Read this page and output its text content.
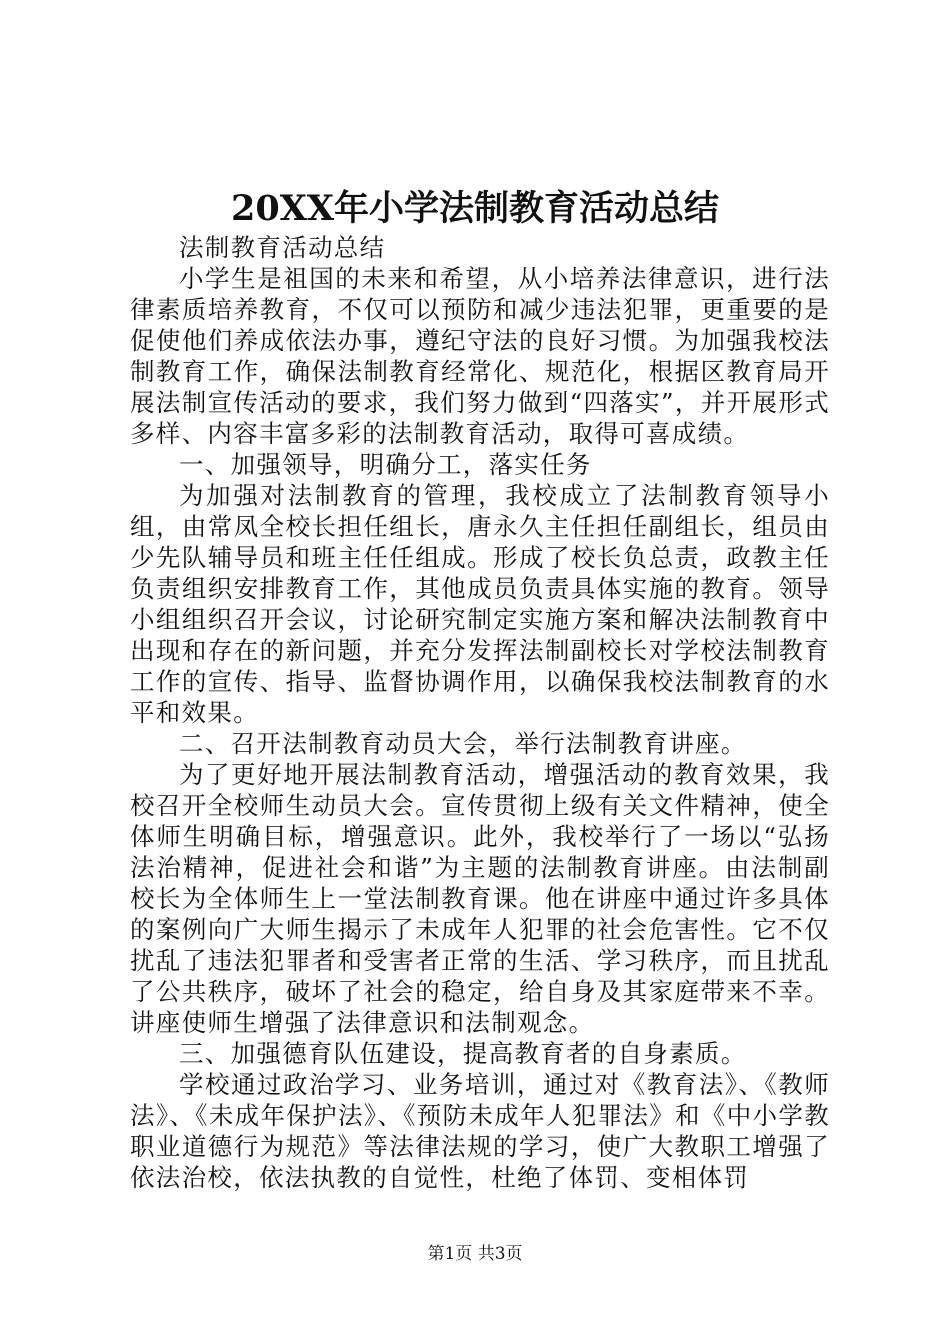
20XX年小学法制教育活动总结

法制教育活动总结

小学生是祖国的未来和希望，从小培养法律意识，进行法律素质培养教育，不仅可以预防和减少违法犯罪，更重要的是促使他们养成依法办事，遵纪守法的良好习惯。为加强我校法制教育工作，确保法制教育经常化、规范化，根据区教育局开展法制宣传活动的要求，我们努力做到“四落实”，并开展形式多样、内容丰富多彩的法制教育活动，取得可喜成绩。

一、加强领导，明确分工，落实任务

为加强对法制教育的管理，我校成立了法制教育领导小组，由常凤全校长担任组长，唐永久主任担任副组长，组员由少先队辅导员和班主任任组成。形成了校长负总责，政教主任负责组织安排教育工作，其他成员负责具体实施的教育。领导小组组织召开会议，讨论研究制定实施方案和解决法制教育中出现和存在的新问题，并充分发挥法制副校长对学校法制教育工作的宣传、指导、监督协调作用，以确保我校法制教育的水平和效果。

二、召开法制教育动员大会，举行法制教育讲座。

为了更好地开展法制教育活动，增强活动的教育效果，我校召开全校师生动员大会。宣传贯彻上级有关文件精神，使全体师生明确目标，增强意识。此外，我校举行了一场以“弘扬法治精神，促进社会和谐”为主题的法制教育讲座。由法制副校长为全体师生上一堂法制教育课。他在讲座中通过许多具体的案例向广大师生揭示了未成年人犯罪的社会危害性。它不仅扰乱了违法犯罪者和受害者正常的生活、学习秩序，而且扰乱了公共秩序，破坏了社会的稳定，给自身及其家庭带来不幸。讲座使师生增强了法律意识和法制观念。

三、加强德育队伍建设，提高教育者的自身素质。

学校通过政治学习、业务培训，通过对《教育法》、《教师法》、《未成年保护法》、《预防未成年人犯罪法》和《中小学教职业道德行为规范》等法律法规的学习，使广大教职工增强了依法治校，依法执教的自觉性，杜绝了体罚、变相体罚

第1页 共3页
